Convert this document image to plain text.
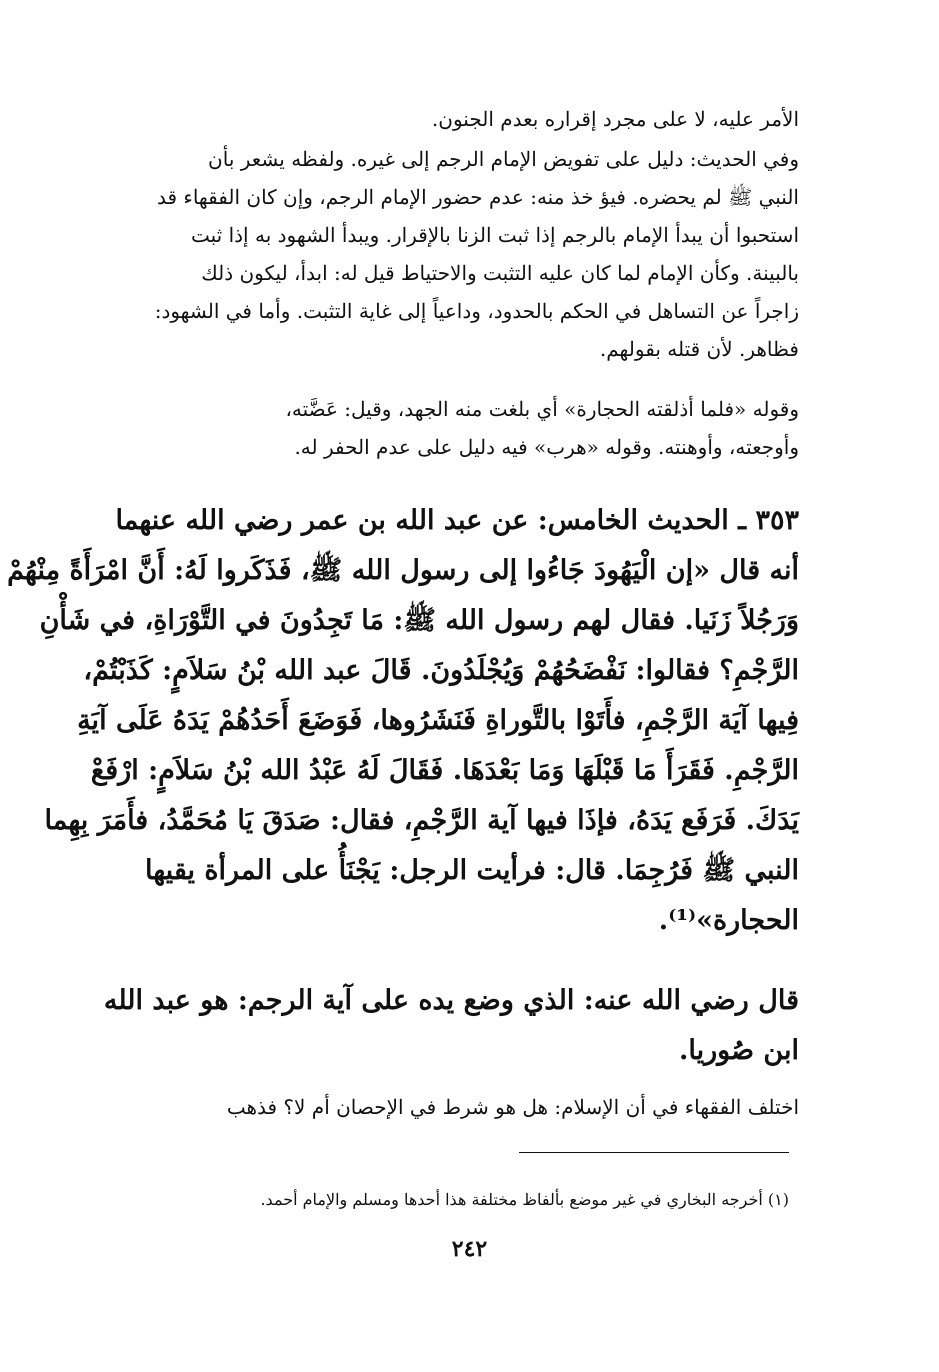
الأمر عليه، لا على مجرد إقراره بعدم الجنون.
وفي الحديث: دليل على تفويض الإمام الرجم إلى غيره. ولفظه يشعر بأن
النبي ﷺ لم يحضره. فيؤ خذ منه: عدم حضور الإمام الرجم، وإن كان الفقهاء قد
استحبوا أن يبدأ الإمام بالرجم إذا ثبت الزنا بالإقرار. ويبدأ الشهود به إذا ثبت
بالبينة. وكأن الإمام لما كان عليه التثبت والاحتياط قيل له: ابدأ، ليكون ذلك
زاجراً عن التساهل في الحكم بالحدود، وداعياً إلى غاية التثبت. وأما في الشهود:
فظاهر. لأن قتله بقولهم.
وقوله «فلما أذلقته الحجارة» أي بلغت منه الجهد، وقيل: عَضَّته،
وأوجعته، وأوهنته. وقوله «هرب» فيه دليل على عدم الحفر له.
٣٥٣ ـ الحديث الخامس: عن عبد الله بن عمر رضي الله عنهما
أنه قال «إن الْيَهُودَ جَاءُوا إلى رسول الله ﷺ، فَذَكَروا لَهُ: أَنَّ امْرَأَةً مِنْهُمْ
وَرَجُلاً زَنَيا. فقال لهم رسول الله ﷺ: مَا تَجِدُونَ في التَّوْرَاةِ، في شَأْنِ
الرَّجْمِ؟ فقالوا: نَفْضَحُهُمْ وَيُجْلَدُونَ. قَالَ عبد الله بْنُ سَلاَمٍ: كَذَبْتُمْ،
فِيها آيَة الرَّجْمِ، فأَتَوْا بالتَّوراةِ فَنَشَرُوها، فَوَضَعَ أَحَدُهُمْ يَدَهُ عَلَى آيَةِ
الرَّجْمِ. فَقَرَأَ مَا قَبْلَهَا وَمَا بَعْدَهَا. فَقَالَ لَهُ عَبْدُ الله بْنُ سَلاَمٍ: ارْفَعْ
يَدَكَ. فَرَفَع يَدَهُ، فإذَا فيها آية الرَّجْمِ، فقال: صَدَقَ يَا مُحَمَّدُ، فأَمَرَ بِهِما
النبي ﷺ فَرُجِمَا. قال: فرأيت الرجل: يَجْنَأُ على المرأة يقيها
الحجارة»⁽¹⁾.
قال رضي الله عنه: الذي وضع يده على آية الرجم: هو عبد الله
ابن صُوريا.
اختلف الفقهاء في أن الإسلام: هل هو شرط في الإحصان أم لا؟ فذهب
(١) أخرجه البخاري في غير موضع بألفاظ مختلفة هذا أحدها ومسلم والإمام أحمد.
٢٤٢
